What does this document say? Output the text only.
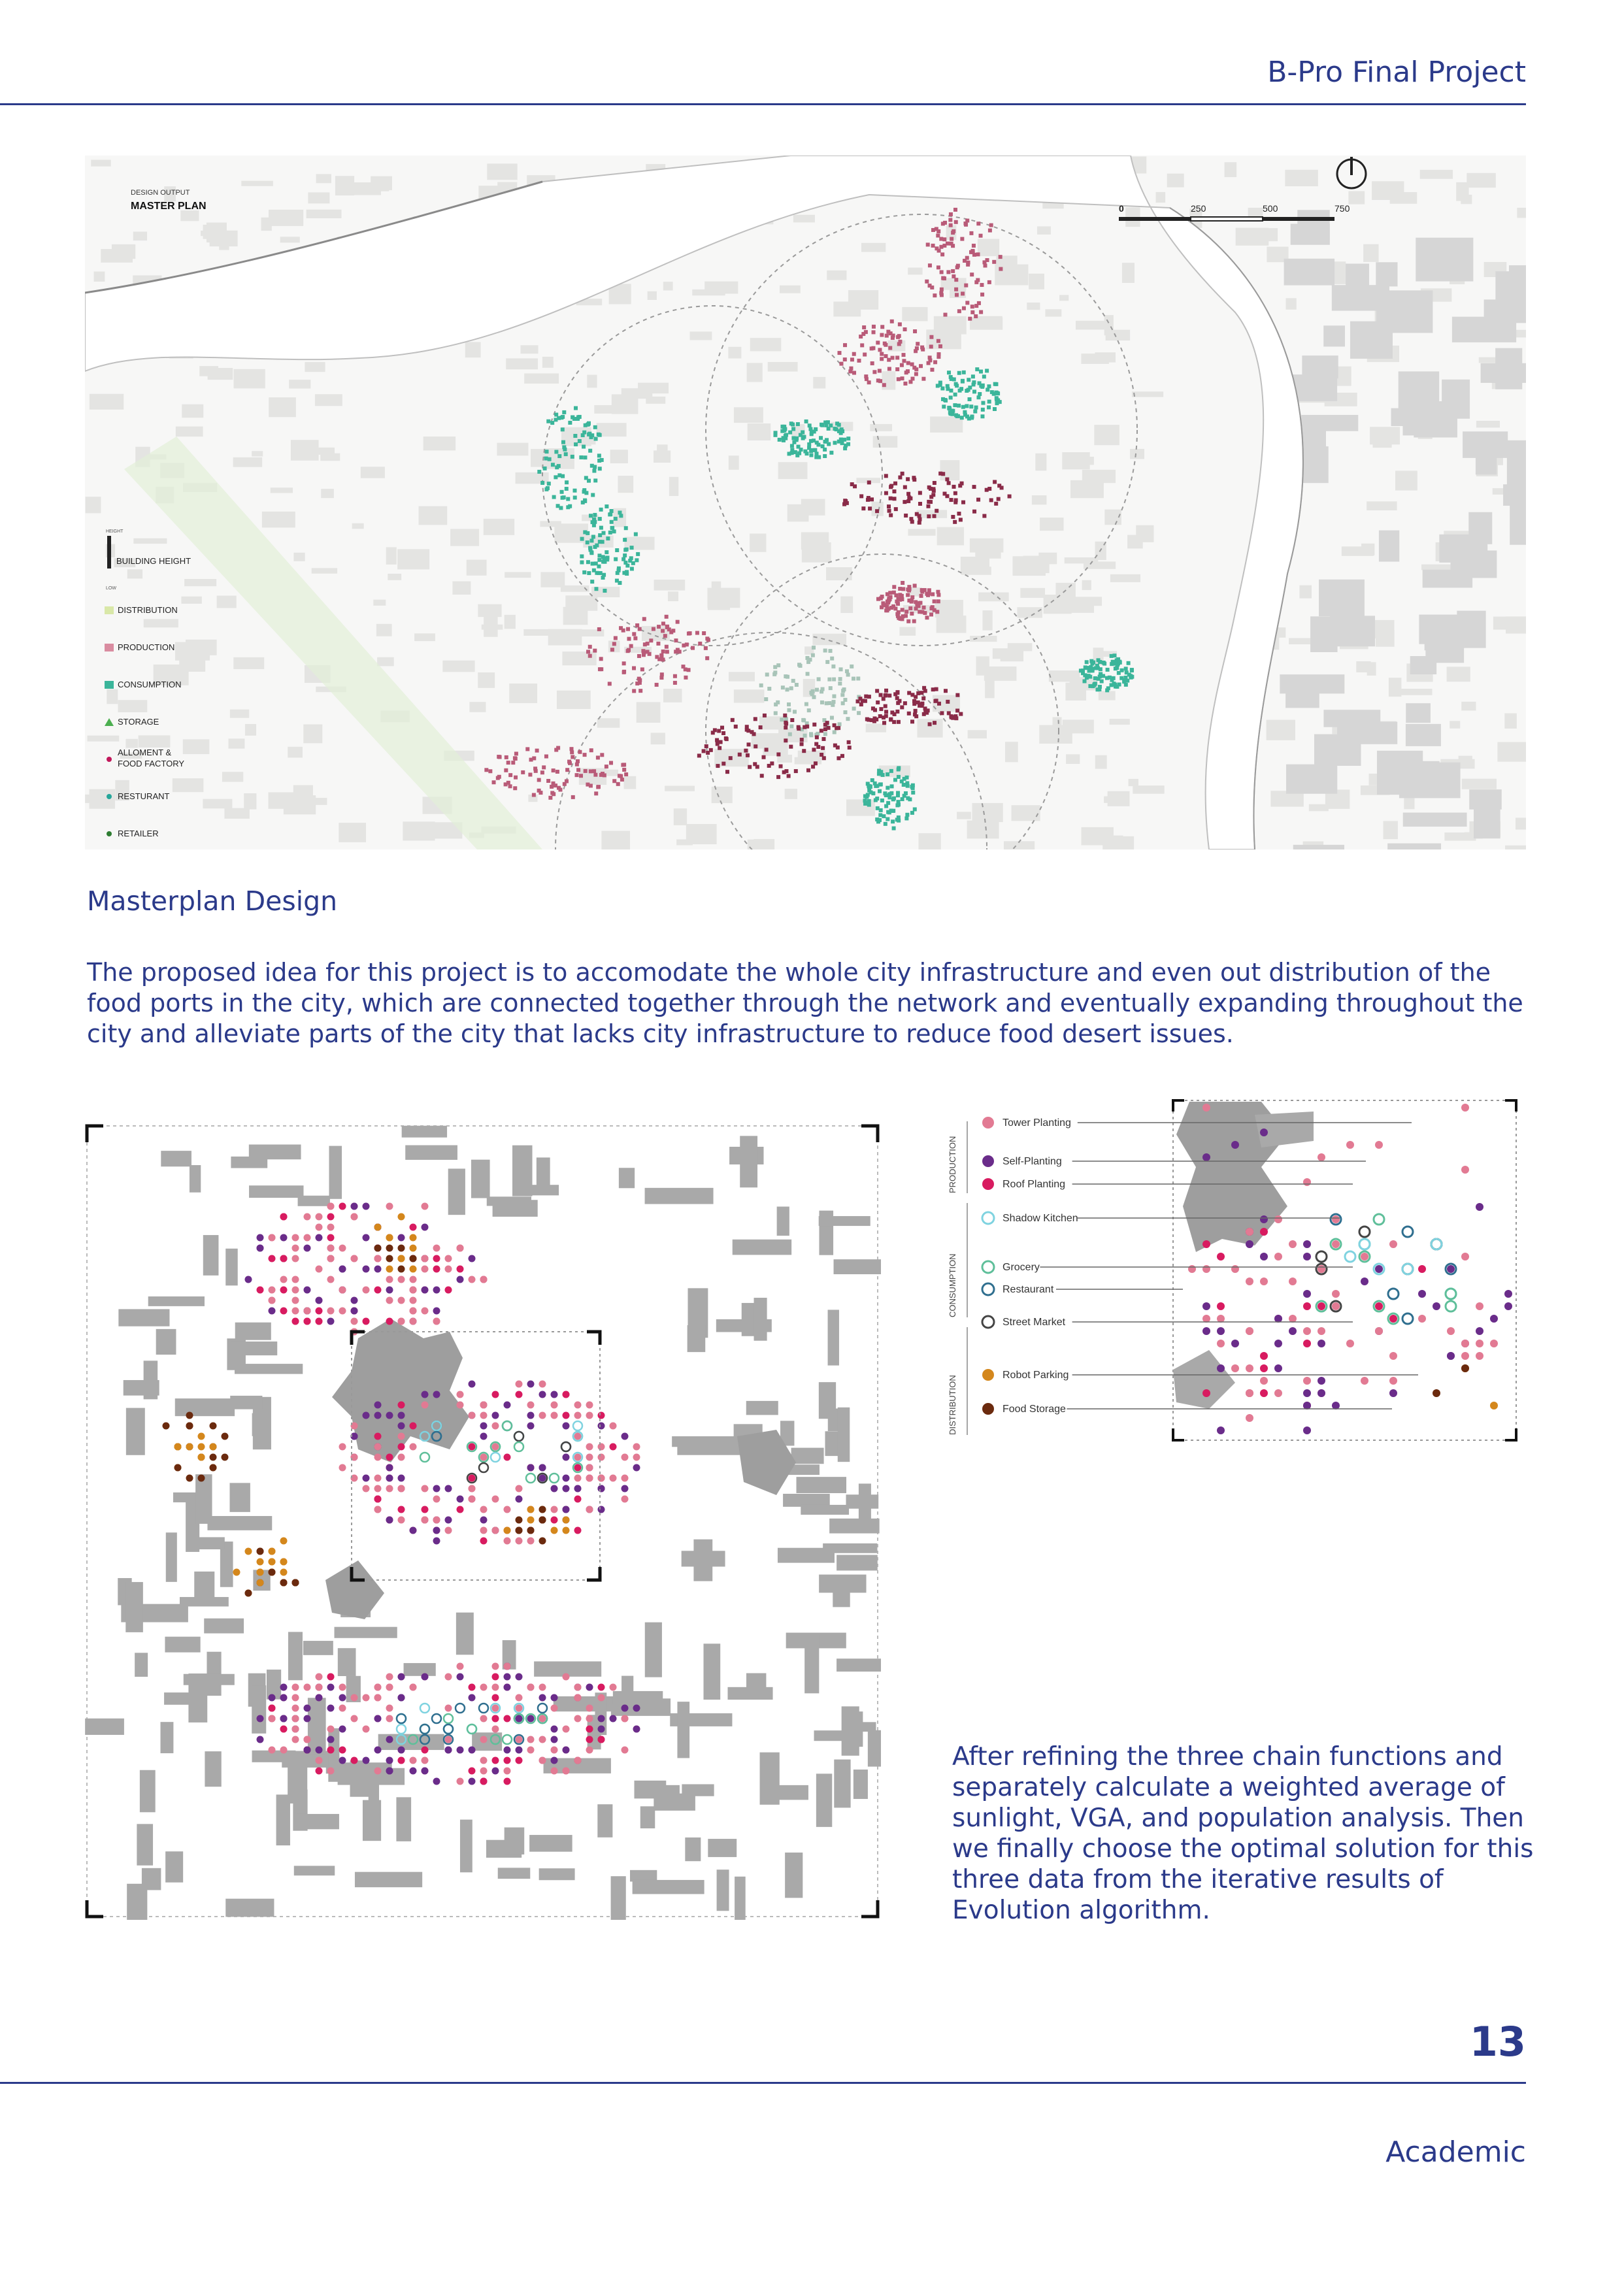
B-Pro Final Project
DESIGN OUTPUT
MASTER PLAN	0	250	500	750
HEIGHT
BUILDING HEIGHT
LOW
DISTRIBUTION
PRODUCTION
CONSUMPTION
STORAGE
ALLOMENT &
FOOD FACTORY
RESTURANT
RETAILER
Masterplan Design
The proposed idea for this project is to accomodate the whole city infrastructure and even out distribution of the food ports in the city, which are connected together through the network and eventually expanding throughout the city and alleviate parts of the city that lacks city infrastructure to reduce food desert issues.
PRODUCTION
CONSUMPTION
DISTRIBUTION
Tower Planting
Self-Planting
Roof Planting
Shadow Kitchen
Grocery
Restaurant
Street Market
Robot Parking
Food Storage
After refining the three chain functions and separately calculate a weighted average of sunlight, VGA, and population analysis. Then we finally choose the optimal solution for this three data from the iterative results of Evolution algorithm.
13
Academic
